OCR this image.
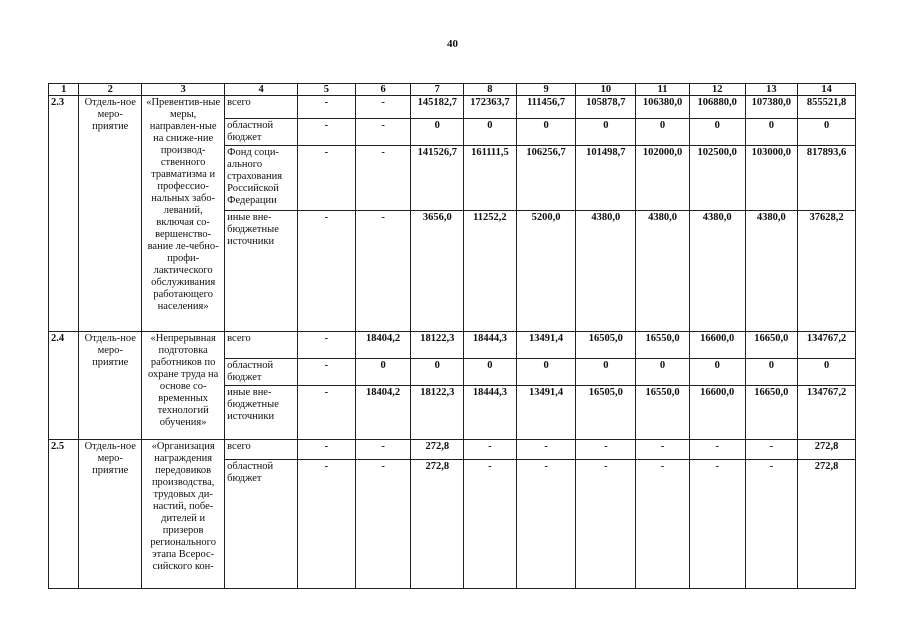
40
1	2	3	4	5	6	7	8	9	10	11	12	13	14
2.3	Отдель-ное меро-приятие	«Превентив-ные меры, направлен-ные на сниже-ние производ-ственного травматизма и профессио-нальных забо-леваний, включая со-вершенство-вание ле-чебно-профи-лактического обслуживания работающего населения»	всего	-	-	145182,7	172363,7	111456,7	105878,7	106380,0	106880,0	107380,0	855521,8
			областной бюджет	-	-	0	0	0	0	0	0	0	0
			Фонд соци-ального страхования Российской Федерации	-	-	141526,7	161111,5	106256,7	101498,7	102000,0	102500,0	103000,0	817893,6
			иные вне-бюджетные источники	-	-	3656,0	11252,2	5200,0	4380,0	4380,0	4380,0	4380,0	37628,2
2.4	Отдель-ное меро-приятие	«Непрерывная подготовка работников по охране труда на основе со-временных технологий обучения»	всего	-	18404,2	18122,3	18444,3	13491,4	16505,0	16550,0	16600,0	16650,0	134767,2
			областной бюджет	-	0	0	0	0	0	0	0	0	0
			иные вне-бюджетные источники	-	18404,2	18122,3	18444,3	13491,4	16505,0	16550,0	16600,0	16650,0	134767,2
2.5	Отдель-ное меро-приятие	«Организация награждения передовиков производства, трудовых ди-настий, побе-дителей и призеров регионального этапа Всерос-сийского кон-	всего	-	-	272,8	-	-	-	-	-	-	272,8
			областной бюджет	-	-	272,8	-	-	-	-	-	-	272,8
